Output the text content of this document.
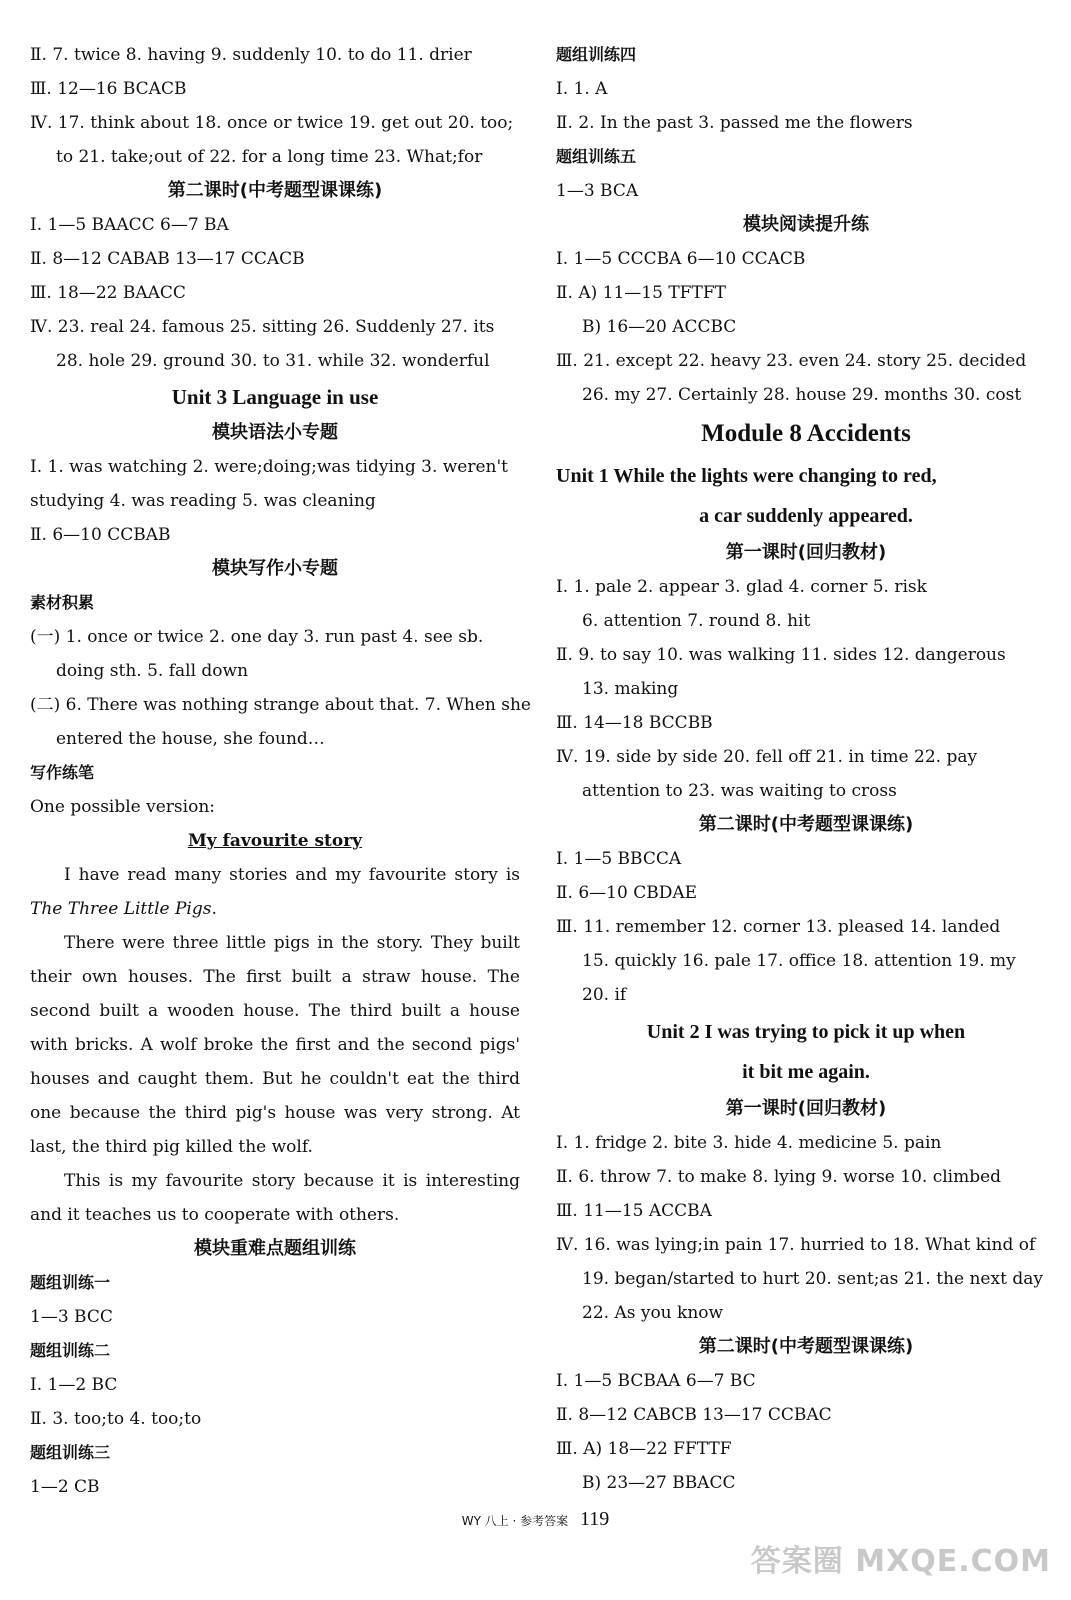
Ⅱ. 7. twice 8. having 9. suddenly 10. to do 11. drier
Ⅲ. 12—16 BCACB
Ⅳ. 17. think about 18. once or twice 19. get out 20. too;
to 21. take;out of 22. for a long time 23. What;for
第二课时(中考题型课课练)
Ⅰ. 1—5 BAACC 6—7 BA
Ⅱ. 8—12 CABAB 13—17 CCACB
Ⅲ. 18—22 BAACC
Ⅳ. 23. real 24. famous 25. sitting 26. Suddenly 27. its
28. hole 29. ground 30. to 31. while 32. wonderful
Unit 3 Language in use
模块语法小专题
Ⅰ. 1. was watching 2. were;doing;was tidying 3. weren't
studying 4. was reading 5. was cleaning
Ⅱ. 6—10 CCBAB
模块写作小专题
素材积累
(一) 1. once or twice 2. one day 3. run past 4. see sb.
doing sth. 5. fall down
(二) 6. There was nothing strange about that. 7. When she
entered the house, she found…
写作练笔
One possible version:
My favourite story
I have read many stories and my favourite story is The Three Little Pigs.
There were three little pigs in the story. They built their own houses. The first built a straw house. The second built a wooden house. The third built a house with bricks. A wolf broke the first and the second pigs' houses and caught them. But he couldn't eat the third one because the third pig's house was very strong. At last, the third pig killed the wolf.
This is my favourite story because it is interesting and it teaches us to cooperate with others.
模块重难点题组训练
题组训练一
1—3 BCC
题组训练二
Ⅰ. 1—2 BC
Ⅱ. 3. too;to 4. too;to
题组训练三
1—2 CB
题组训练四
Ⅰ. 1. A
Ⅱ. 2. In the past 3. passed me the flowers
题组训练五
1—3 BCA
模块阅读提升练
Ⅰ. 1—5 CCCBA 6—10 CCACB
Ⅱ. A) 11—15 TFTFT
B) 16—20 ACCBC
Ⅲ. 21. except 22. heavy 23. even 24. story 25. decided
26. my 27. Certainly 28. house 29. months 30. cost
Module 8 Accidents
Unit 1 While the lights were changing to red,
a car suddenly appeared.
第一课时(回归教材)
Ⅰ. 1. pale 2. appear 3. glad 4. corner 5. risk
6. attention 7. round 8. hit
Ⅱ. 9. to say 10. was walking 11. sides 12. dangerous
13. making
Ⅲ. 14—18 BCCBB
Ⅳ. 19. side by side 20. fell off 21. in time 22. pay
attention to 23. was waiting to cross
第二课时(中考题型课课练)
Ⅰ. 1—5 BBCCA
Ⅱ. 6—10 CBDAE
Ⅲ. 11. remember 12. corner 13. pleased 14. landed
15. quickly 16. pale 17. office 18. attention 19. my
20. if
Unit 2 I was trying to pick it up when
it bit me again.
第一课时(回归教材)
Ⅰ. 1. fridge 2. bite 3. hide 4. medicine 5. pain
Ⅱ. 6. throw 7. to make 8. lying 9. worse 10. climbed
Ⅲ. 11—15 ACCBA
Ⅳ. 16. was lying;in pain 17. hurried to 18. What kind of
19. began/started to hurt 20. sent;as 21. the next day
22. As you know
第二课时(中考题型课课练)
Ⅰ. 1—5 BCBAA 6—7 BC
Ⅱ. 8—12 CABCB 13—17 CCBAC
Ⅲ. A) 18—22 FFTTF
B) 23—27 BBACC
WY 八上 · 参考答案 119
答案圈 MXQE.COM
